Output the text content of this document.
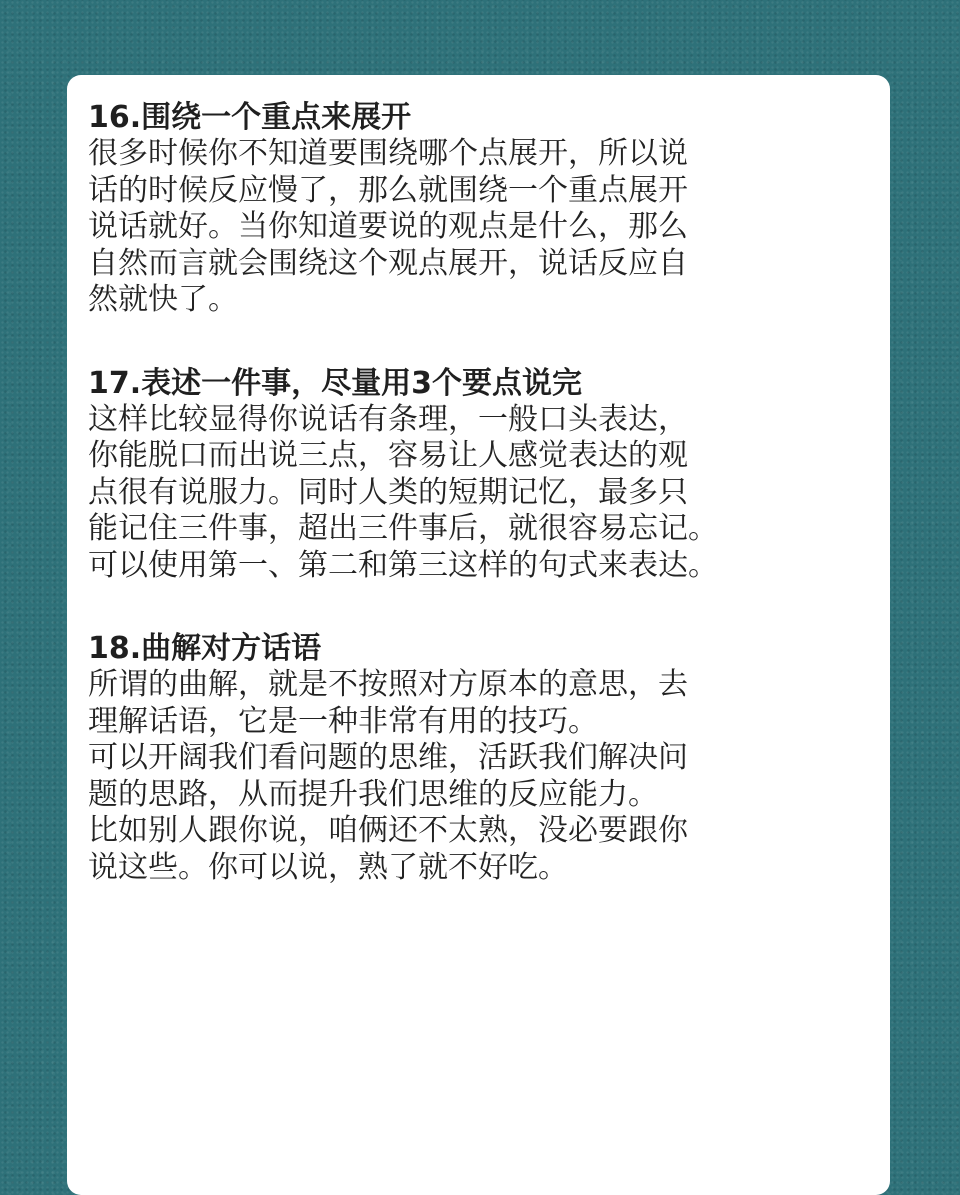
16.围绕一个重点来展开
很多时候你不知道要围绕哪个点展开，所以说
话的时候反应慢了，那么就围绕一个重点展开
说话就好。当你知道要说的观点是什么，那么
自然而言就会围绕这个观点展开，说话反应自
然就快了。
17.表述一件事，尽量用3个要点说完
这样比较显得你说话有条理，一般口头表达，
你能脱口而出说三点，容易让人感觉表达的观
点很有说服力。同时人类的短期记忆，最多只
能记住三件事，超出三件事后，就很容易忘记。
可以使用第一、第二和第三这样的句式来表达。
18.曲解对方话语
所谓的曲解，就是不按照对方原本的意思，去
理解话语，它是一种非常有用的技巧。
可以开阔我们看问题的思维，活跃我们解决问
题的思路，从而提升我们思维的反应能力。
比如别人跟你说，咱俩还不太熟，没必要跟你
说这些。你可以说，熟了就不好吃。
